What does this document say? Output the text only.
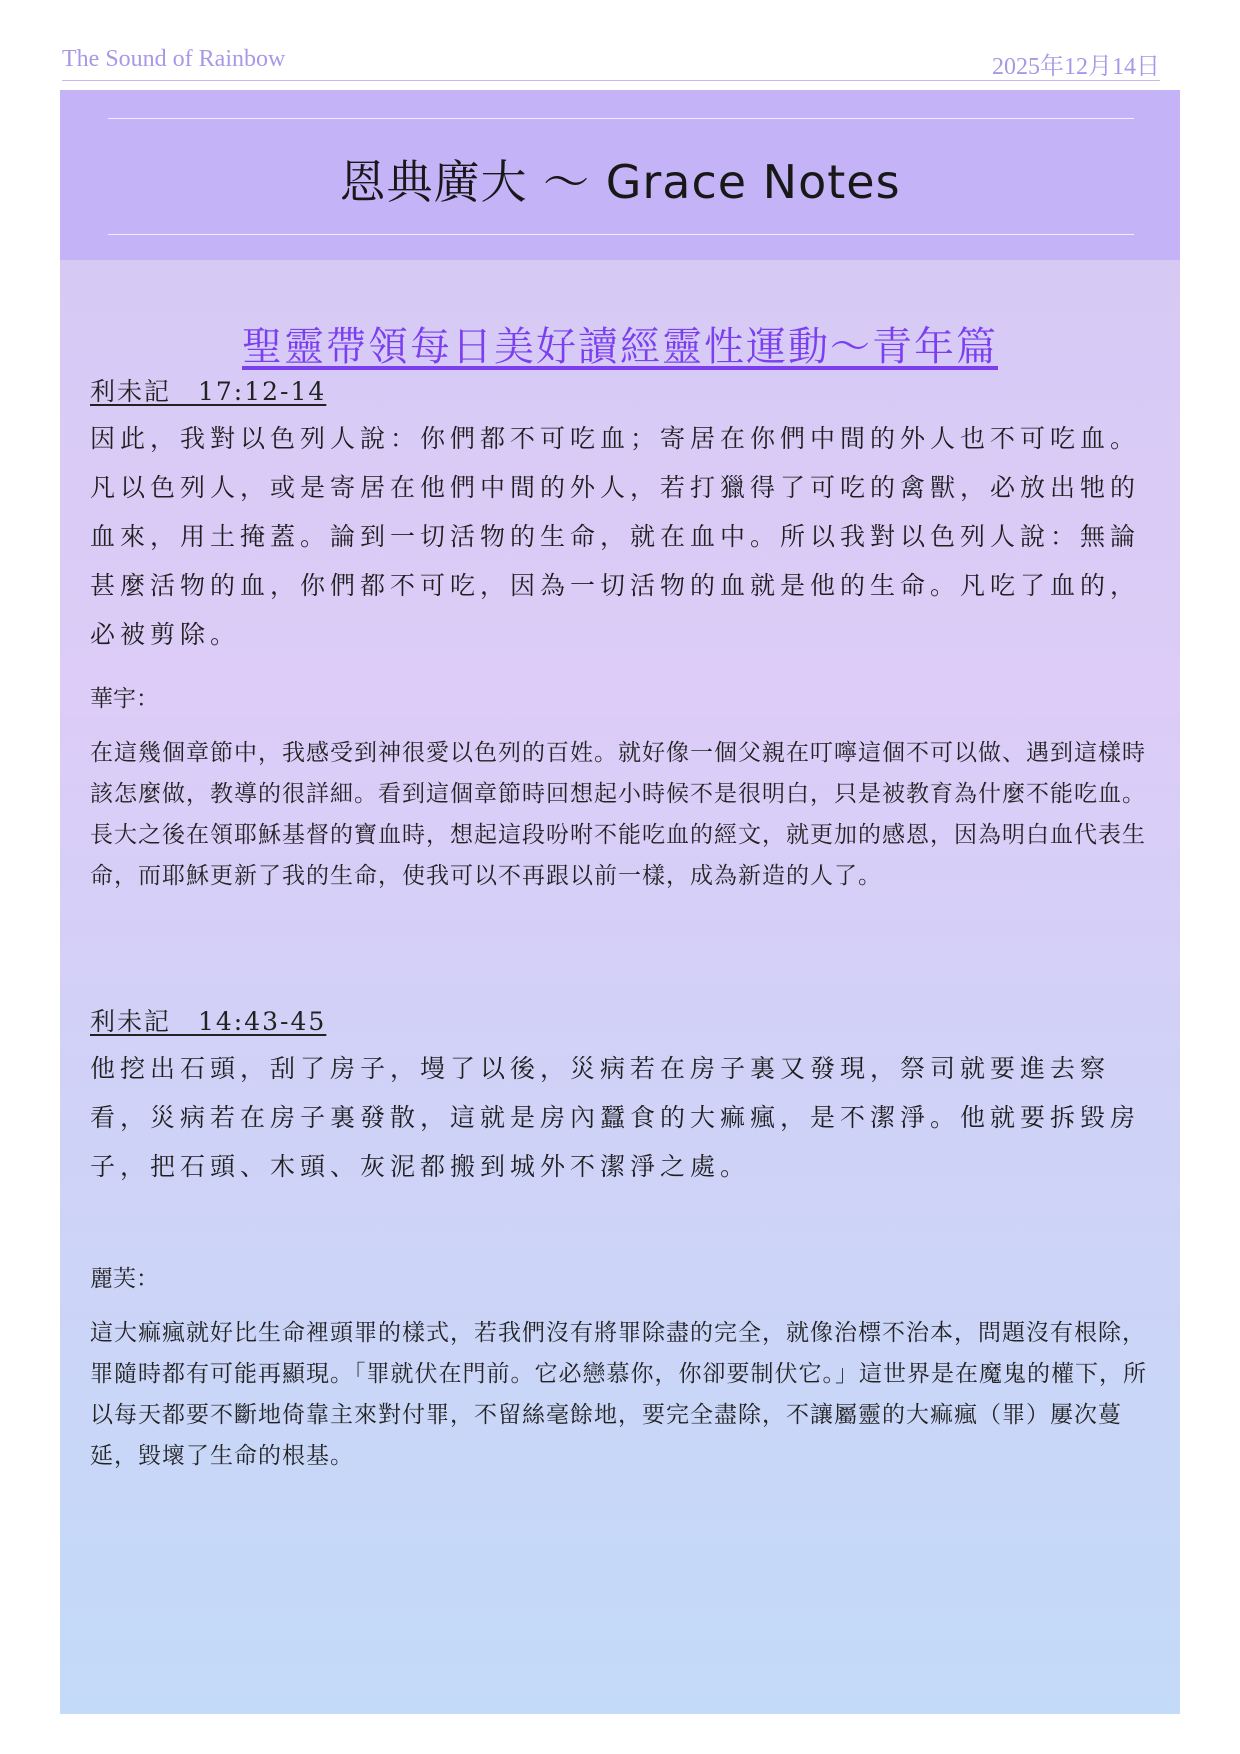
The Sound of Rainbow	2025年12月14日
恩典廣大 ～ Grace Notes
聖靈帶領每日美好讀經靈性運動～青年篇
利未記　17:12-14
因此，我對以色列人說：你們都不可吃血；寄居在你們中間的外人也不可吃血。凡以色列人，或是寄居在他們中間的外人，若打獵得了可吃的禽獸，必放出牠的血來，用土掩蓋。論到一切活物的生命，就在血中。所以我對以色列人說：無論甚麼活物的血，你們都不可吃，因為一切活物的血就是他的生命。凡吃了血的，必被剪除。
華宇：
在這幾個章節中，我感受到神很愛以色列的百姓。就好像一個父親在叮嚀這個不可以做、遇到這樣時該怎麼做，教導的很詳細。看到這個章節時回想起小時候不是很明白，只是被教育為什麼不能吃血。長大之後在領耶穌基督的寶血時，想起這段吩咐不能吃血的經文，就更加的感恩，因為明白血代表生命，而耶穌更新了我的生命，使我可以不再跟以前一樣，成為新造的人了。
利未記　14:43-45
他挖出石頭，刮了房子，墁了以後，災病若在房子裏又發現，祭司就要進去察看，災病若在房子裏發散，這就是房內蠶食的大痲瘋，是不潔淨。他就要拆毀房子，把石頭、木頭、灰泥都搬到城外不潔淨之處。
麗芙：
這大痲瘋就好比生命裡頭罪的樣式，若我們沒有將罪除盡的完全，就像治標不治本，問題沒有根除，罪隨時都有可能再顯現。「罪就伏在門前。它必戀慕你，你卻要制伏它。」這世界是在魔鬼的權下，所以每天都要不斷地倚靠主來對付罪，不留絲毫餘地，要完全盡除，不讓屬靈的大痲瘋（罪）屢次蔓延，毀壞了生命的根基。
